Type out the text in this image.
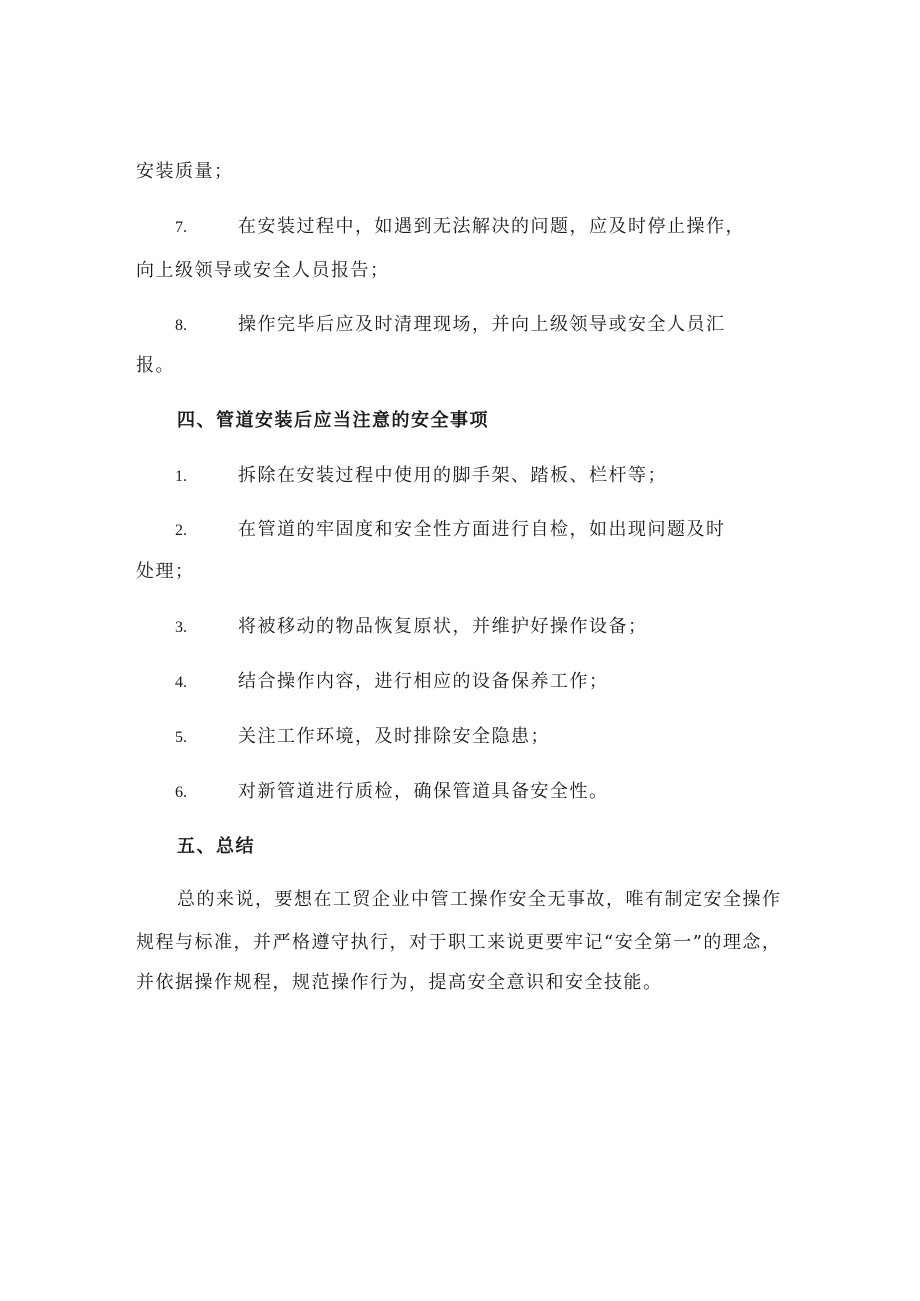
安装质量；
7.	在安装过程中，如遇到无法解决的问题，应及时停止操作，
向上级领导或安全人员报告；
8.	操作完毕后应及时清理现场，并向上级领导或安全人员汇
报。
四、管道安装后应当注意的安全事项
1.	拆除在安装过程中使用的脚手架、踏板、栏杆等；
2.	在管道的牢固度和安全性方面进行自检，如出现问题及时
处理；
3.	将被移动的物品恢复原状，并维护好操作设备；
4.	结合操作内容，进行相应的设备保养工作；
5.	关注工作环境，及时排除安全隐患；
6.	对新管道进行质检，确保管道具备安全性。
五、总结
总的来说，要想在工贸企业中管工操作安全无事故，唯有制定安全操作
规程与标准，并严格遵守执行，对于职工来说更要牢记“安全第一”的理念，
并依据操作规程，规范操作行为，提高安全意识和安全技能。
